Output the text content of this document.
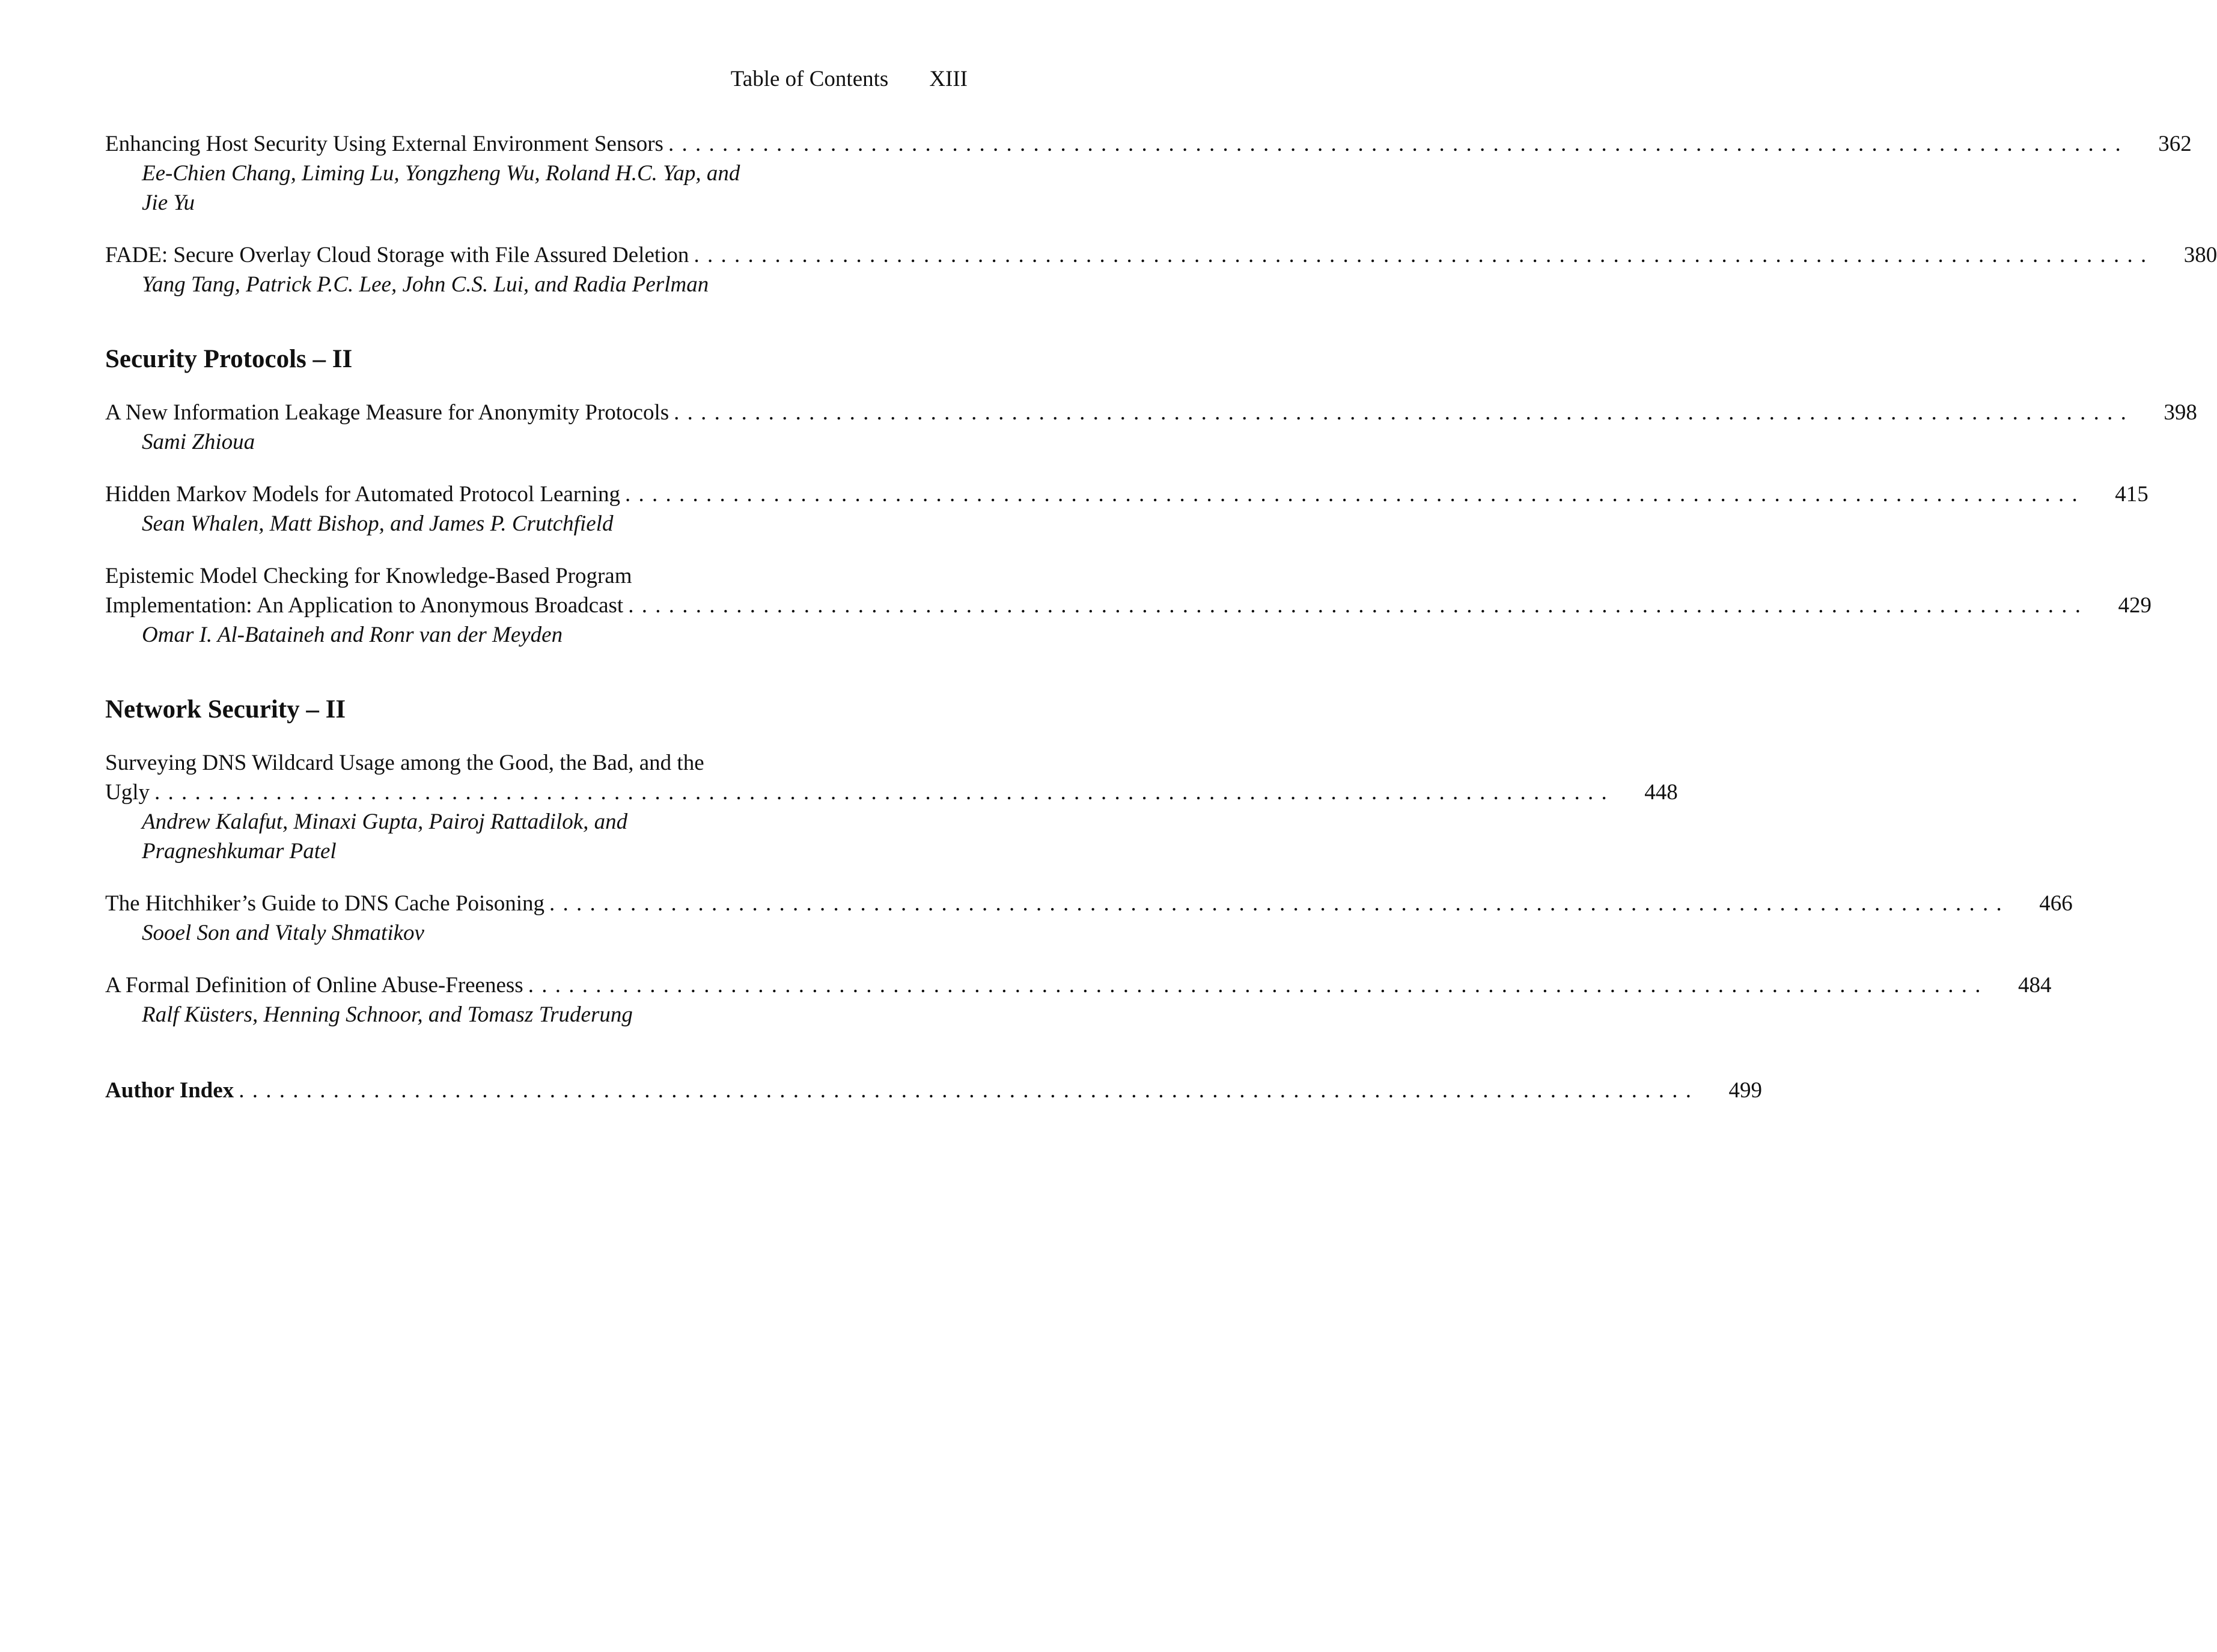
Table of Contents XIII
Enhancing Host Security Using External Environment Sensors . . . . . . . . . . . . . . . . . . . . . . . . . . . . . . . . . . . . . . . . . . . . . . . . . . . . . . . . . . . . . . . . . . . . . . . . . . . . . . . . . . . . . . . . . . . . . . . . . . . . . . . . . . . .	362
Ee-Chien Chang, Liming Lu, Yongzheng Wu, Roland H.C. Yap, and
Jie Yu
FADE: Secure Overlay Cloud Storage with File Assured Deletion . . . . . . . . . . . . . . . . . . . . . . . . . . . . . . . . . . . . . . . . . . . . . . . . . . . . . . . . . . . . . . . . . . . . . . . . . . . . . . . . . . . . . . . . . . . . . . . . . . . . . . . . . . . .	380
Yang Tang, Patrick P.C. Lee, John C.S. Lui, and Radia Perlman
Security Protocols – II
A New Information Leakage Measure for Anonymity Protocols . . . . . . . . . . . . . . . . . . . . . . . . . . . . . . . . . . . . . . . . . . . . . . . . . . . . . . . . . . . . . . . . . . . . . . . . . . . . . . . . . . . . . . . . . . . . . . . . . . . . . . . . . . . .	398
Sami Zhioua
Hidden Markov Models for Automated Protocol Learning . . . . . . . . . . . . . . . . . . . . . . . . . . . . . . . . . . . . . . . . . . . . . . . . . . . . . . . . . . . . . . . . . . . . . . . . . . . . . . . . . . . . . . . . . . . . . . . . . . . . . . . . . . . .	415
Sean Whalen, Matt Bishop, and James P. Crutchfield
Epistemic Model Checking for Knowledge-Based Program
Implementation: An Application to Anonymous Broadcast . . . . . . . . . . . . . . . . . . . . . . . . . . . . . . . . . . . . . . . . . . . . . . . . . . . . . . . . . . . . . . . . . . . . . . . . . . . . . . . . . . . . . . . . . . . . . . . . . . . . . . . . . . . .	429
Omar I. Al-Bataineh and Ronr van der Meyden
Network Security – II
Surveying DNS Wildcard Usage among the Good, the Bad, and the
Ugly . . . . . . . . . . . . . . . . . . . . . . . . . . . . . . . . . . . . . . . . . . . . . . . . . . . . . . . . . . . . . . . . . . . . . . . . . . . . . . . . . . . . . . . . . . . . . . . . . . . . . . . . . . . .	448
Andrew Kalafut, Minaxi Gupta, Pairoj Rattadilok, and
Pragneshkumar Patel
The Hitchhiker’s Guide to DNS Cache Poisoning . . . . . . . . . . . . . . . . . . . . . . . . . . . . . . . . . . . . . . . . . . . . . . . . . . . . . . . . . . . . . . . . . . . . . . . . . . . . . . . . . . . . . . . . . . . . . . . . . . . . . . . . . . . .	466
Sooel Son and Vitaly Shmatikov
A Formal Definition of Online Abuse-Freeness . . . . . . . . . . . . . . . . . . . . . . . . . . . . . . . . . . . . . . . . . . . . . . . . . . . . . . . . . . . . . . . . . . . . . . . . . . . . . . . . . . . . . . . . . . . . . . . . . . . . . . . . . . . .	484
Ralf Küsters, Henning Schnoor, and Tomasz Truderung
Author Index . . . . . . . . . . . . . . . . . . . . . . . . . . . . . . . . . . . . . . . . . . . . . . . . . . . . . . . . . . . . . . . . . . . . . . . . . . . . . . . . . . . . . . . . . . . . . . . . . . . . . . . . . . . .	499
